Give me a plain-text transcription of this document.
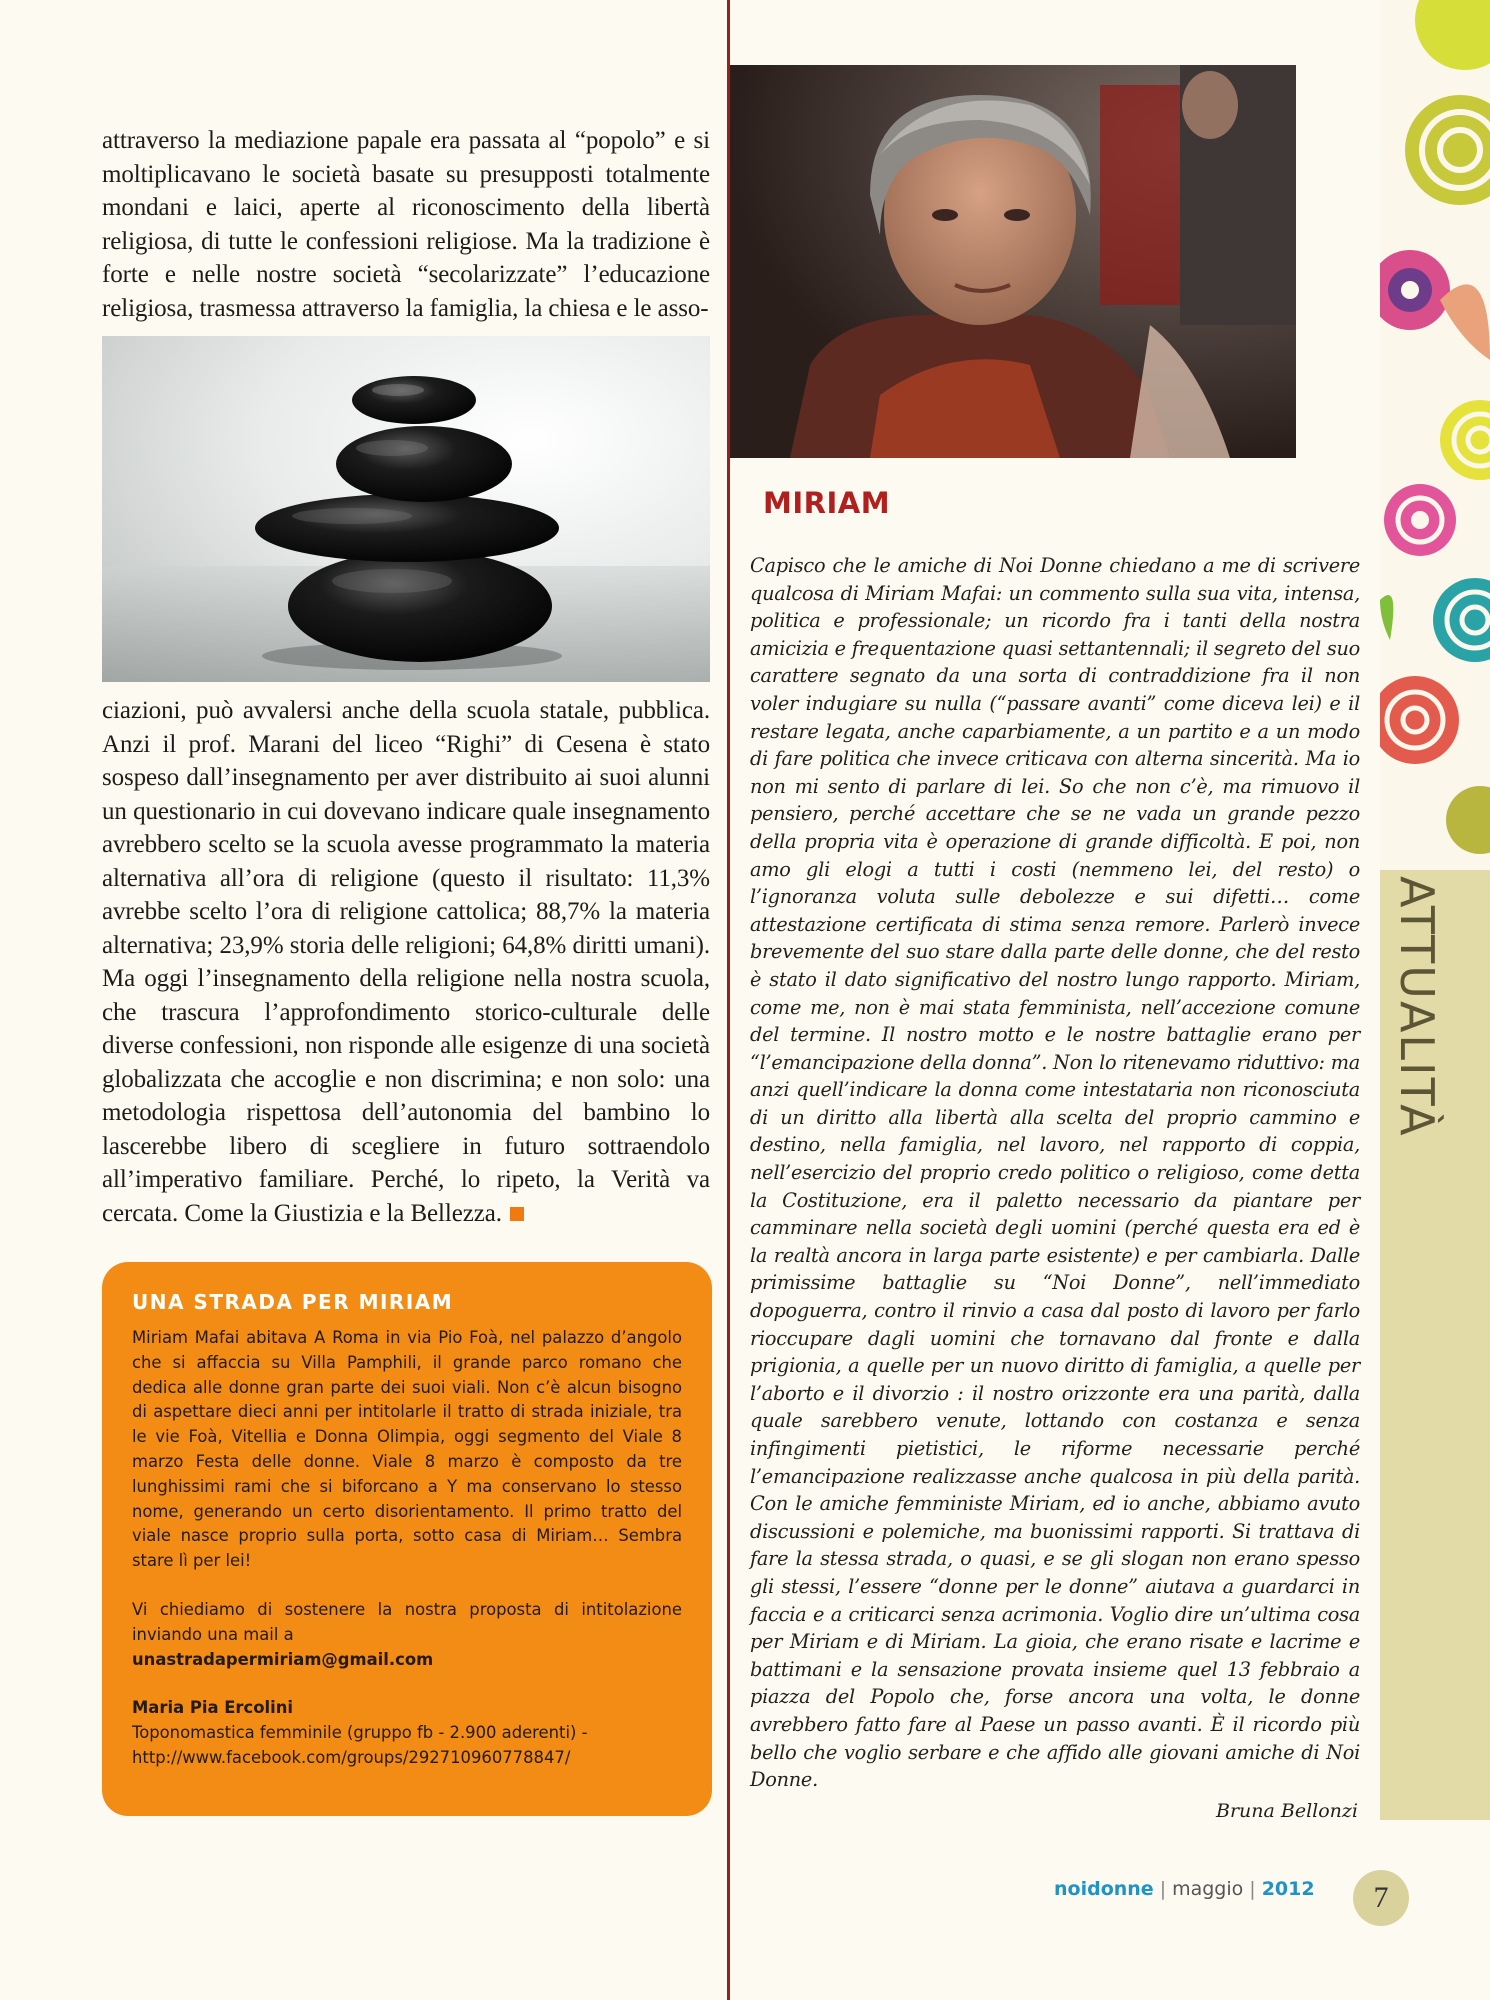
attraverso la mediazione papale era passata al “popolo” e si moltiplicavano le società basate su presupposti totalmente mondani e laici, aperte al riconoscimento della libertà religiosa, di tutte le confessioni religiose. Ma la tradizione è forte e nelle nostre società “secolarizzate” l’educazione religiosa, trasmessa attraverso la famiglia, la chiesa e le asso-

ciazioni, può avvalersi anche della scuola statale, pubblica. Anzi il prof. Marani del liceo “Righi” di Cesena è stato sospeso dall’insegnamento per aver distribuito ai suoi alunni un questionario in cui dovevano indicare quale insegnamento avrebbero scelto se la scuola avesse programmato la materia alternativa all’ora di religione (questo il risultato: 11,3% avrebbe scelto l’ora di religione cattolica; 88,7% la materia alternativa; 23,9% storia delle religioni; 64,8% diritti umani). Ma oggi l’insegnamento della religione nella nostra scuola, che trascura l’approfondimento storico-culturale delle diverse confessioni, non risponde alle esigenze di una società globalizzata che accoglie e non discrimina; e non solo: una metodologia rispettosa dell’autonomia del bambino lo lascerebbe libero di scegliere in futuro sottraendolo all’imperativo familiare. Perché, lo ripeto, la Verità va cercata. Come la Giustizia e la Bellezza.

UNA STRADA PER MIRIAM

Miriam Mafai abitava A Roma in via Pio Foà, nel palazzo d’angolo che si affaccia su Villa Pamphili, il grande parco romano che dedica alle donne gran parte dei suoi viali. Non c’è alcun bisogno di aspettare dieci anni per intitolarle il tratto di strada iniziale, tra le vie Foà, Vitellia e Donna Olimpia, oggi segmento del Viale 8 marzo Festa delle donne. Viale 8 marzo è composto da tre lunghissimi rami che si biforcano a Y ma conservano lo stesso nome, generando un certo disorientamento. Il primo tratto del viale nasce proprio sulla porta, sotto casa di Miriam… Sembra stare lì per lei!

Vi chiediamo di sostenere la nostra proposta di intitolazione inviando una mail a
unastradapermiriam@gmail.com

Maria Pia Ercolini
Toponomastica femminile (gruppo fb - 2.900 aderenti) -
http://www.facebook.com/groups/292710960778847/

MIRIAM
Capisco che le amiche di Noi Donne chiedano a me di scrivere qualcosa di Miriam Mafai: un commento sulla sua vita, intensa, politica e professionale; un ricordo fra i tanti della nostra amicizia e frequentazione quasi settantennali; il segreto del suo carattere segnato da una sorta di contraddizione fra il non voler indugiare su nulla (“passare avanti” come diceva lei) e il restare legata, anche caparbiamente, a un partito e a un modo di fare politica che invece criticava con alterna sincerità. Ma io non mi sento di parlare di lei. So che non c’è, ma rimuovo il pensiero, perché accettare che se ne vada un grande pezzo della propria vita è operazione di grande difficoltà. E poi, non amo gli elogi a tutti i costi (nemmeno lei, del resto) o l’ignoranza voluta sulle debolezze e sui difetti… come attestazione certificata di stima senza remore. Parlerò invece brevemente del suo stare dalla parte delle donne, che del resto è stato il dato significativo del nostro lungo rapporto. Miriam, come me, non è mai stata femminista, nell’accezione comune del termine. Il nostro motto e le nostre battaglie erano per “l’emancipazione della donna”. Non lo ritenevamo riduttivo: ma anzi quell’indicare la donna come intestataria non riconosciuta di un diritto alla libertà alla scelta del proprio cammino e destino, nella famiglia, nel lavoro, nel rapporto di coppia, nell’esercizio del proprio credo politico o religioso, come detta la Costituzione, era il paletto necessario da piantare per camminare nella società degli uomini (perché questa era ed è la realtà ancora in larga parte esistente) e per cambiarla. Dalle primissime battaglie su “Noi Donne”, nell’immediato dopoguerra, contro il rinvio a casa dal posto di lavoro per farlo rioccupare dagli uomini che tornavano dal fronte e dalla prigionia, a quelle per un nuovo diritto di famiglia, a quelle per l’aborto e il divorzio : il nostro orizzonte era una parità, dalla quale sarebbero venute, lottando con costanza e senza infingimenti pietistici, le riforme necessarie perché l’emancipazione realizzasse anche qualcosa in più della parità. Con le amiche femministe Miriam, ed io anche, abbiamo avuto discussioni e polemiche, ma buonissimi rapporti. Si trattava di fare la stessa strada, o quasi, e se gli slogan non erano spesso gli stessi, l’essere “donne per le donne” aiutava a guardarci in faccia e a criticarci senza acrimonia. Voglio dire un’ultima cosa per Miriam e di Miriam. La gioia, che erano risate e lacrime e battimani e la sensazione provata insieme quel 13 febbraio a piazza del Popolo che, forse ancora una volta, le donne avrebbero fatto fare al Paese un passo avanti. È il ricordo più bello che voglio serbare e che affido alle giovani amiche di Noi Donne.
Bruna Bellonzi
ATTUALITÀ
noidonne | maggio | 2012	7
